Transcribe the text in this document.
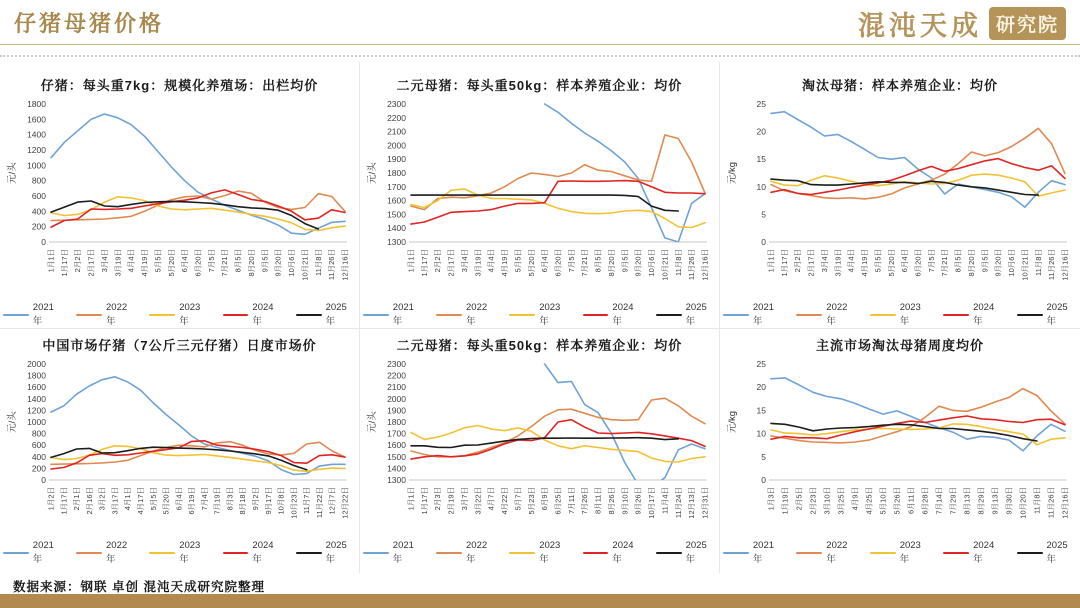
仔猪母猪价格	混沌天成 研究院
仔猪：每头重7kg：规模化养殖场：出栏均价
0
200
400
600
800
1000
1200
1400
1600
1800
元/头
1月1日 1月17日 2月2日 2月17日 3月4日 3月19日 4月4日 4月19日 5月5日 5月20日 6月4日 6月20日 7月5日 7月21日 8月5日 8月20日 9月5日 9月20日 10月6日 10月21日 11月8日 11月26日 12月16日
2021年
2022年
2023年
2024年
2025年
二元母猪：每头重50kg：样本养殖企业：均价
1300
1400
1500
1600
1700
1800
1900
2000
2100
2200
2300
元/头
1月1日 1月17日 2月2日 2月17日 3月4日 3月19日 4月4日 4月19日 5月5日 5月20日 6月4日 6月20日 7月5日 7月21日 8月5日 8月20日 9月5日 9月20日 10月6日 10月21日 11月8日 11月26日 12月16日
2021年
2022年
2023年
2024年
2025年
淘汰母猪：样本养殖企业：均价
0
5
10
15
20
25
元/kg
1月1日 1月17日 2月2日 2月17日 3月4日 3月19日 4月4日 4月19日 5月5日 5月20日 6月4日 6月20日 7月5日 7月21日 8月5日 8月20日 9月5日 9月20日 10月6日 10月21日 11月8日 11月26日 12月16日
2021年
2022年
2023年
2024年
2025年
中国市场仔猪（7公斤三元仔猪）日度市场价
0
200
400
600
800
1000
1200
1400
1600
1800
2000
元/头
1月2日 1月17日 2月1日 2月16日 3月2日 3月17日 4月1日 4月17日 5月5日 5月20日 6月4日 6月19日 7月4日 7月19日 8月3日 8月18日 9月2日 9月17日 10月8日 10月23日 11月7日 11月22日 12月7日 12月22日
2021年
2022年
2023年
2024年
2025年
二元母猪：每头重50kg：样本养殖企业：均价
1300
1400
1500
1600
1700
1800
1900
2000
2100
2200
2300
元/头
1月1日 1月17日 2月3日 2月19日 3月7日 3月22日 4月7日 4月22日 5月7日 5月23日 6月9日 6月25日 7月11日 7月26日 8月11日 8月26日 9月10日 9月26日 10月17日 11月4日 11月24日 12月13日 12月31日
2021年
2022年
2023年
2024年
2025年
主流市场淘汰母猪周度均价
0
5
10
15
20
25
元/kg
1月3日 1月19日 2月5日 2月23日 3月10日 3月25日 4月9日 4月25日 5月10日 5月26日 6月11日 6月28日 7月14日 7月29日 8月13日 8月29日 9月13日 9月30日 10月20日 11月8日 11月26日 12月16日
2021年
2022年
2023年
2024年
2025年
数据来源：钢联 卓创 混沌天成研究院整理
